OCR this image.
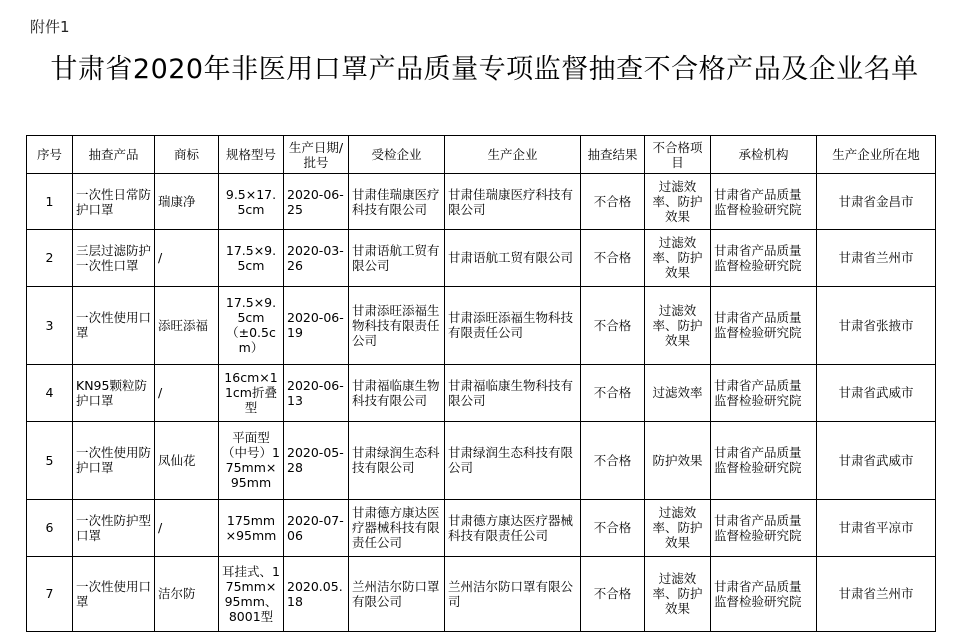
附件1
甘肃省2020年非医用口罩产品质量专项监督抽查不合格产品及企业名单
序号	抽查产品	商标	规格型号	生产日期/批号	受检企业	生产企业	抽查结果	不合格项目	承检机构	生产企业所在地
1	一次性日常防护口罩	瑞康净	9.5×17.5cm	2020-06-25	甘肃佳瑞康医疗科技有限公司	甘肃佳瑞康医疗科技有限公司	不合格	过滤效率、防护效果	甘肃省产品质量监督检验研究院	甘肃省金昌市
2	三层过滤防护一次性口罩	/	17.5×9.5cm	2020-03-26	甘肃语航工贸有限公司	甘肃语航工贸有限公司	不合格	过滤效率、防护效果	甘肃省产品质量监督检验研究院	甘肃省兰州市
3	一次性使用口罩	添旺添福	17.5×9.5cm（±0.5cm）	2020-06-19	甘肃添旺添福生物科技有限责任公司	甘肃添旺添福生物科技有限责任公司	不合格	过滤效率、防护效果	甘肃省产品质量监督检验研究院	甘肃省张掖市
4	KN95颗粒防护口罩	/	16cm×11cm折叠型	2020-06-13	甘肃福临康生物科技有限公司	甘肃福临康生物科技有限公司	不合格	过滤效率	甘肃省产品质量监督检验研究院	甘肃省武威市
5	一次性使用防护口罩	凤仙花	平面型（中号）175mm×95mm	2020-05-28	甘肃绿润生态科技有限公司	甘肃绿润生态科技有限公司	不合格	防护效果	甘肃省产品质量监督检验研究院	甘肃省武威市
6	一次性防护型口罩	/	175mm×95mm	2020-07-06	甘肃德方康达医疗器械科技有限责任公司	甘肃德方康达医疗器械科技有限责任公司	不合格	过滤效率、防护效果	甘肃省产品质量监督检验研究院	甘肃省平凉市
7	一次性使用口罩	洁尔防	耳挂式、175mm×95mm、8001型	2020.05.18	兰州洁尔防口罩有限公司	兰州洁尔防口罩有限公司	不合格	过滤效率、防护效果	甘肃省产品质量监督检验研究院	甘肃省兰州市
